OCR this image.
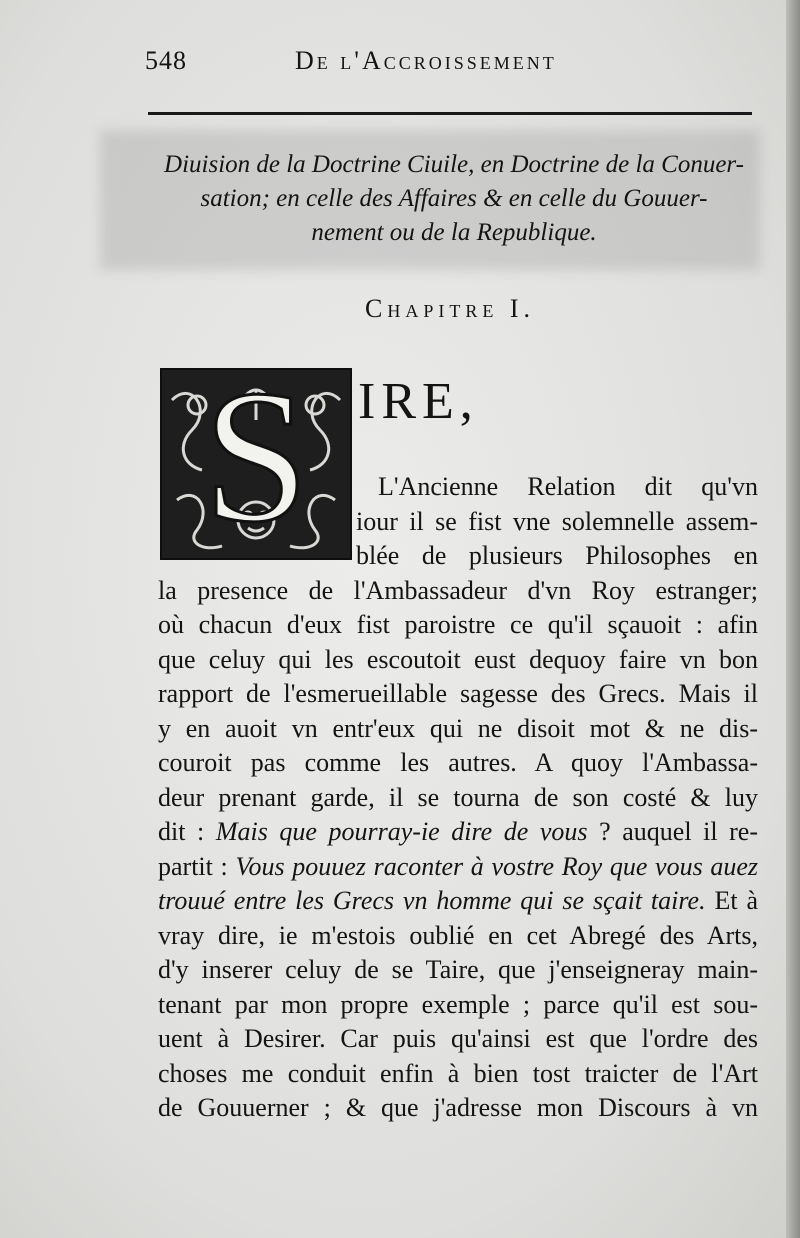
548	De l'Accroissement
Diuision de la Doctrine Ciuile, en Doctrine de la Conuer-
sation; en celle des Affaires & en celle du Gouuer-
nement ou de la Republique.
Chapitre I.
S IRE,
L'Ancienne Relation dit qu'vn
iour il se fist vne solemnelle assem-
blée de plusieurs Philosophes en
la presence de l'Ambassadeur d'vn Roy estranger;
où chacun d'eux fist paroistre ce qu'il sçauoit : afin
que celuy qui les escoutoit eust dequoy faire vn bon
rapport de l'esmerueillable sagesse des Grecs. Mais il
y en auoit vn entr'eux qui ne disoit mot & ne dis-
couroit pas comme les autres. A quoy l'Ambassa-
deur prenant garde, il se tourna de son costé & luy
dit : Mais que pourray-ie dire de vous ? auquel il re-
partit : Vous pouuez raconter à vostre Roy que vous auez
trouué entre les Grecs vn homme qui se sçait taire. Et à
vray dire, ie m'estois oublié en cet Abregé des Arts,
d'y inserer celuy de se Taire, que j'enseigneray main-
tenant par mon propre exemple ; parce qu'il est sou-
uent à Desirer. Car puis qu'ainsi est que l'ordre des
choses me conduit enfin à bien tost traicter de l'Art
de Gouuerner ; & que j'adresse mon Discours à vn
